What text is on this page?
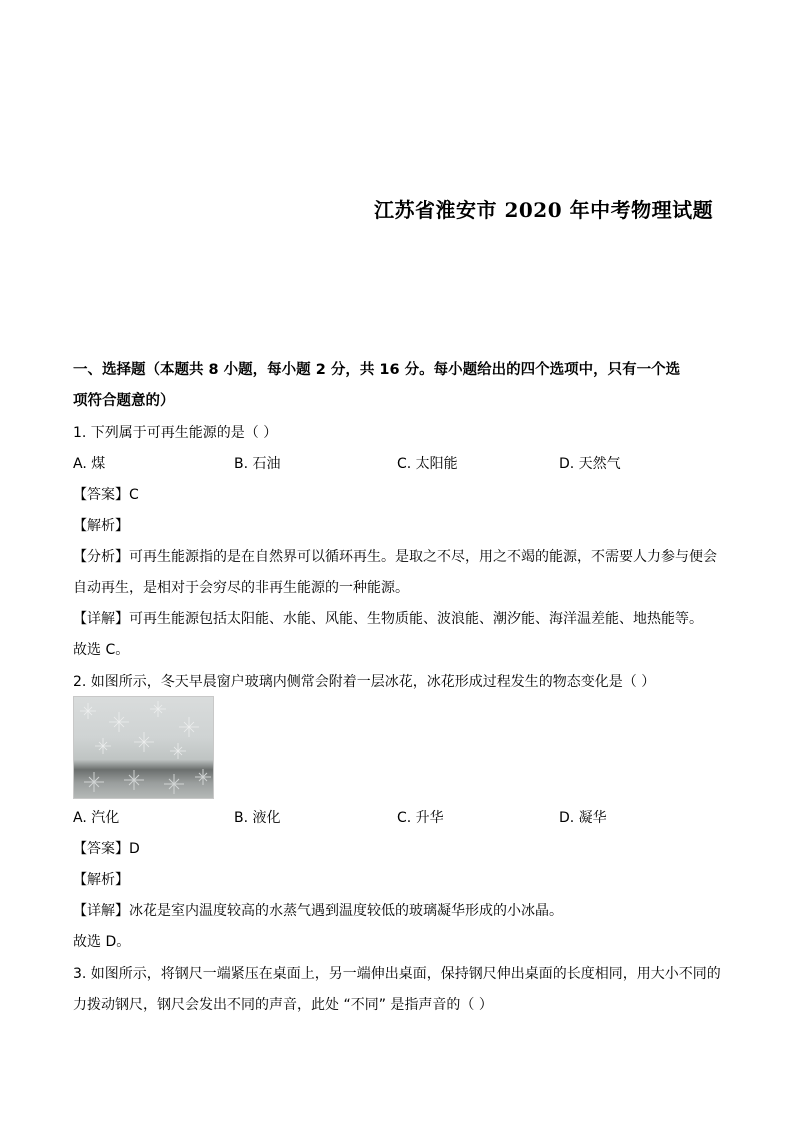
江苏省淮安市 2020 年中考物理试题
一、选择题（本题共 8 小题，每小题 2 分，共 16 分。每小题给出的四个选项中，只有一个选
项符合题意的）
1. 下列属于可再生能源的是（ ）
A. 煤	B. 石油	C. 太阳能	D. 天然气
【答案】C
【解析】
【分析】可再生能源指的是在自然界可以循环再生。是取之不尽，用之不竭的能源，不需要人力参与便会
自动再生，是相对于会穷尽的非再生能源的一种能源。
【详解】可再生能源包括太阳能、水能、风能、生物质能、波浪能、潮汐能、海洋温差能、地热能等。
故选 C。
2. 如图所示，冬天早晨窗户玻璃内侧常会附着一层冰花，冰花形成过程发生的物态变化是（ ）
A. 汽化	B. 液化	C. 升华	D. 凝华
【答案】D
【解析】
【详解】冰花是室内温度较高的水蒸气遇到温度较低的玻璃凝华形成的小冰晶。
故选 D。
3. 如图所示，将钢尺一端紧压在桌面上，另一端伸出桌面，保持钢尺伸出桌面的长度相同，用大小不同的
力拨动钢尺，钢尺会发出不同的声音，此处 “不同” 是指声音的（ ）
